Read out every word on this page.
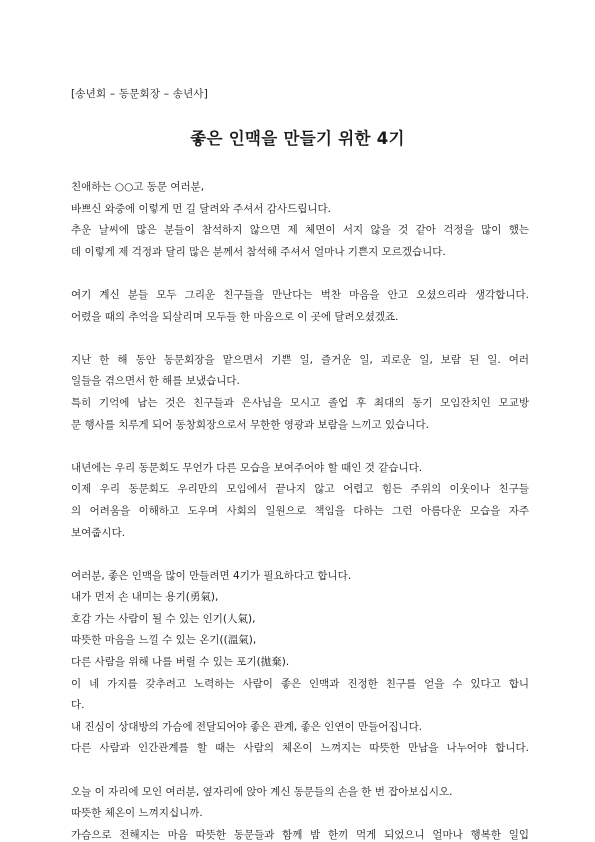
[송년회 – 동문회장 – 송년사]
좋은 인맥을 만들기 위한 4기
친애하는 ○○고 동문 여러분,
바쁘신 와중에 이렇게 먼 길 달려와 주셔서 감사드립니다.
추운 날씨에 많은 분들이 참석하지 않으면 제 체면이 서지 않을 것 같아 걱정을 많이 했는
데 이렇게 제 걱정과 달리 많은 분께서 참석해 주셔서 얼마나 기쁜지 모르겠습니다.
여기 계신 분들 모두 그리운 친구들을 만난다는 벅찬 마음을 안고 오셨으리라 생각합니다.
어렸을 때의 추억을 되살리며 모두들 한 마음으로 이 곳에 달려오셨겠죠.
지난 한 해 동안 동문회장을 맡으면서 기쁜 일, 즐거운 일, 괴로운 일, 보람 된 일. 여러
일들을 겪으면서 한 해를 보냈습니다.
특히 기억에 남는 것은 친구들과 은사님을 모시고 졸업 후 최대의 동기 모임잔치인 모교방
문 행사를 치루게 되어 동창회장으로서 무한한 영광과 보람을 느끼고 있습니다.
내년에는 우리 동문회도 무언가 다른 모습을 보여주어야 할 때인 것 같습니다.
이제 우리 동문회도 우리만의 모임에서 끝나지 않고 어렵고 힘든 주위의 이웃이나 친구들
의 어려움을 이해하고 도우며 사회의 일원으로 책임을 다하는 그런 아름다운 모습을 자주
보여줍시다.
여러분, 좋은 인맥을 많이 만들려면 4기가 필요하다고 합니다.
내가 먼저 손 내미는 용기(勇氣),
호감 가는 사람이 될 수 있는 인기(人氣),
따뜻한 마음을 느낄 수 있는 온기((溫氣),
다른 사람을 위해 나를 버릴 수 있는 포기(拋棄).
이 네 가지를 갖추려고 노력하는 사람이 좋은 인맥과 진정한 친구를 얻을 수 있다고 합니
다.
내 진심이 상대방의 가슴에 전달되어야 좋은 관계, 좋은 인연이 만들어집니다.
다른 사람과 인간관계를 할 때는 사람의 체온이 느껴지는 따뜻한 만남을 나누어야 합니다.
오늘 이 자리에 모인 여러분, 옆자리에 앉아 계신 동문들의 손을 한 번 잡아보십시오.
따뜻한 체온이 느껴지십니까.
가슴으로 전해지는 마음 따뜻한 동문들과 함께 밤 한끼 먹게 되었으니 얼마나 행복한 일입
